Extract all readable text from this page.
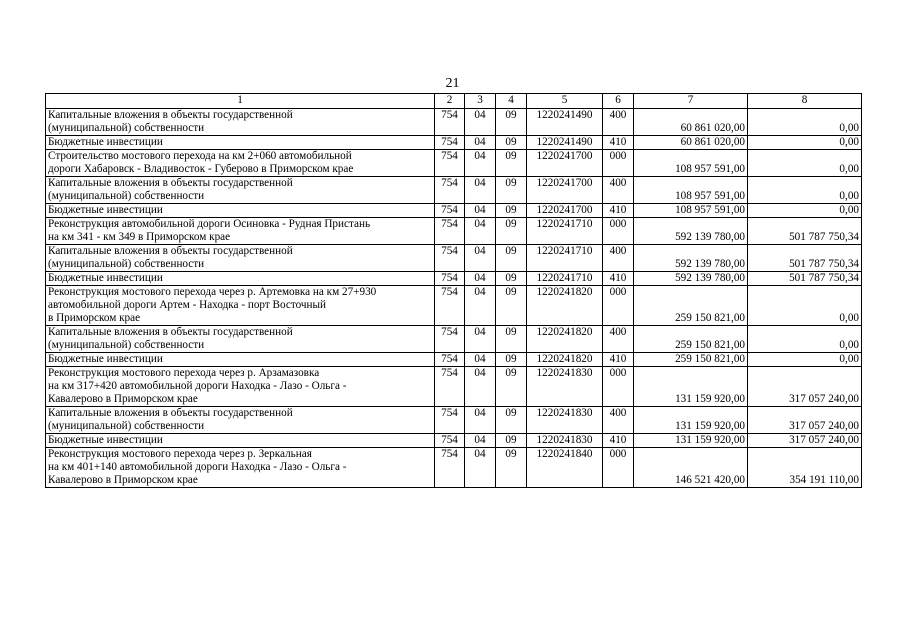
21
1	2	3	4	5	6	7	8
Капитальные вложения в объекты государственной
(муниципальной) собственности	754	04	09	1220241490	400	60 861 020,00	0,00
Бюджетные инвестиции	754	04	09	1220241490	410	60 861 020,00	0,00
Строительство мостового перехода на км 2+060 автомобильной
дороги Хабаровск - Владивосток - Губерово в Приморском крае	754	04	09	1220241700	000	108 957 591,00	0,00
Капитальные вложения в объекты государственной
(муниципальной) собственности	754	04	09	1220241700	400	108 957 591,00	0,00
Бюджетные инвестиции	754	04	09	1220241700	410	108 957 591,00	0,00
Реконструкция автомобильной дороги Осиновка - Рудная Пристань
на км 341 - км 349 в Приморском крае	754	04	09	1220241710	000	592 139 780,00	501 787 750,34
Капитальные вложения в объекты государственной
(муниципальной) собственности	754	04	09	1220241710	400	592 139 780,00	501 787 750,34
Бюджетные инвестиции	754	04	09	1220241710	410	592 139 780,00	501 787 750,34
Реконструкция мостового перехода через р. Артемовка на км 27+930
автомобильной дороги Артем - Находка - порт Восточный
в Приморском крае	754	04	09	1220241820	000	259 150 821,00	0,00
Капитальные вложения в объекты государственной
(муниципальной) собственности	754	04	09	1220241820	400	259 150 821,00	0,00
Бюджетные инвестиции	754	04	09	1220241820	410	259 150 821,00	0,00
Реконструкция мостового перехода через р. Арзамазовка
на км 317+420 автомобильной дороги Находка - Лазо - Ольга -
Кавалерово в Приморском крае	754	04	09	1220241830	000	131 159 920,00	317 057 240,00
Капитальные вложения в объекты государственной
(муниципальной) собственности	754	04	09	1220241830	400	131 159 920,00	317 057 240,00
Бюджетные инвестиции	754	04	09	1220241830	410	131 159 920,00	317 057 240,00
Реконструкция мостового перехода через р. Зеркальная
на км 401+140 автомобильной дороги Находка - Лазо - Ольга -
Кавалерово в Приморском крае	754	04	09	1220241840	000	146 521 420,00	354 191 110,00
